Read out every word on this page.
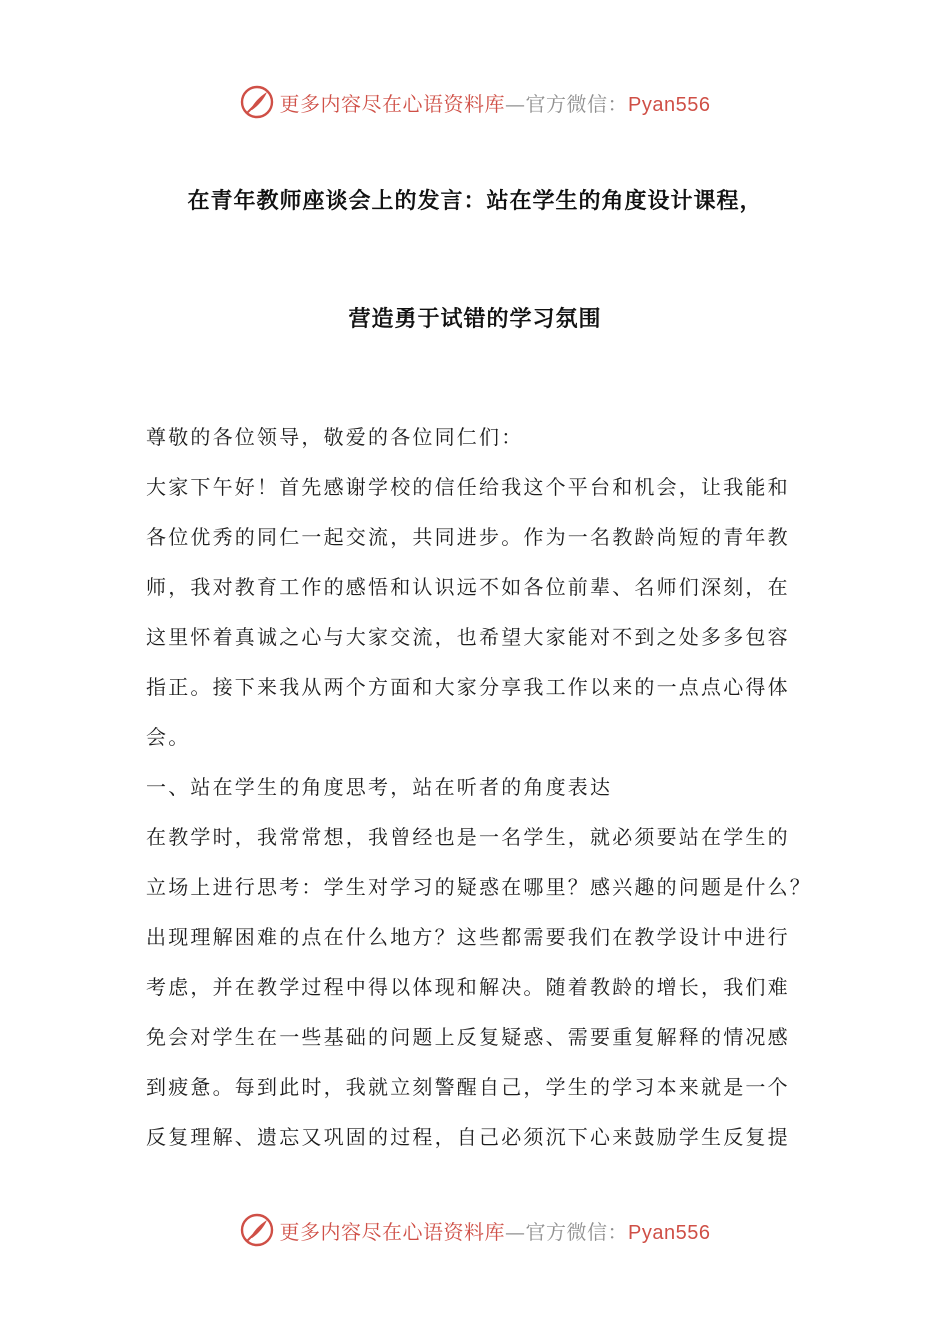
更多内容尽在心语资料库—官方微信：Pyan556
在青年教师座谈会上的发言：站在学生的角度设计课程，
营造勇于试错的学习氛围
尊敬的各位领导，敬爱的各位同仁们：
大家下午好！首先感谢学校的信任给我这个平台和机会，让我能和
各位优秀的同仁一起交流，共同进步。作为一名教龄尚短的青年教
师，我对教育工作的感悟和认识远不如各位前辈、名师们深刻，在
这里怀着真诚之心与大家交流，也希望大家能对不到之处多多包容
指正。接下来我从两个方面和大家分享我工作以来的一点点心得体
会。
一、站在学生的角度思考，站在听者的角度表达
在教学时，我常常想，我曾经也是一名学生，就必须要站在学生的
立场上进行思考：学生对学习的疑惑在哪里？感兴趣的问题是什么？
出现理解困难的点在什么地方？这些都需要我们在教学设计中进行
考虑，并在教学过程中得以体现和解决。随着教龄的增长，我们难
免会对学生在一些基础的问题上反复疑惑、需要重复解释的情况感
到疲惫。每到此时，我就立刻警醒自己，学生的学习本来就是一个
反复理解、遗忘又巩固的过程，自己必须沉下心来鼓励学生反复提
更多内容尽在心语资料库—官方微信：Pyan556
